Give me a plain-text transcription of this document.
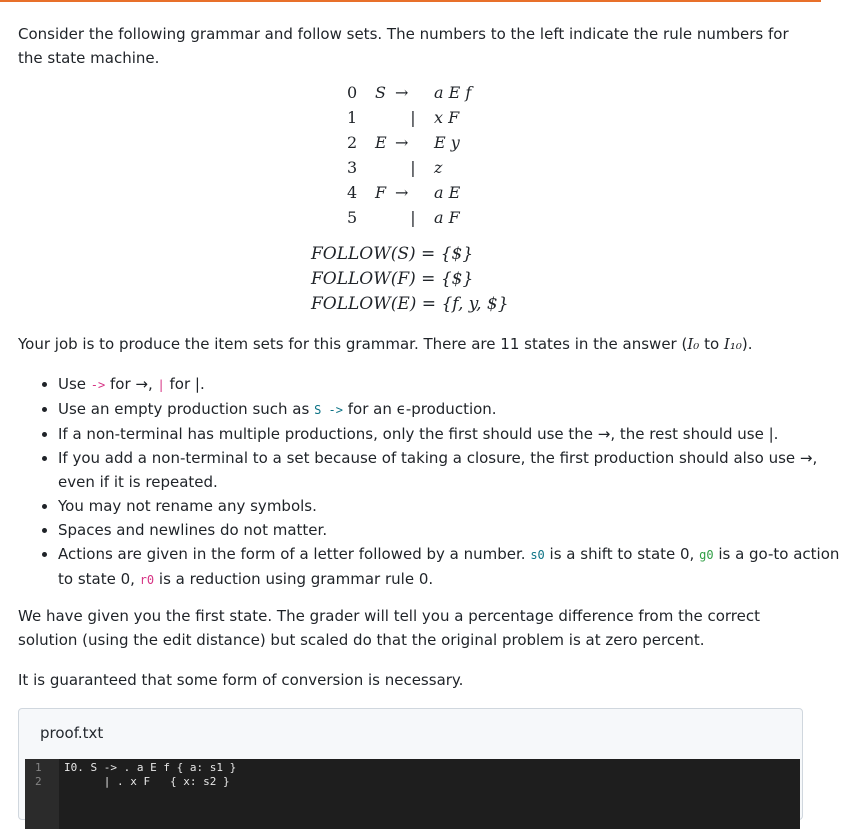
Consider the following grammar and follow sets. The numbers to the left indicate the rule numbers for the state machine.

0 S → a E f
1	| x F
2 E → E y
3	| z
4 F → a E
5	| a F
FOLLOW(S) = {$}
FOLLOW(F) = {$}
FOLLOW(E) = {f, y, $}

Your job is to produce the item sets for this grammar. There are 11 states in the answer (I₀ to I₁₀).

• Use -> for →, | for |.
• Use an empty production such as S -> for an ϵ-production.
• If a non-terminal has multiple productions, only the first should use the →, the rest should use |.
• If you add a non-terminal to a set because of taking a closure, the first production should also use →, even if it is repeated.
• You may not rename any symbols.
• Spaces and newlines do not matter.
• Actions are given in the form of a letter followed by a number. s0 is a shift to state 0, g0 is a go-to action to state 0, r0 is a reduction using grammar rule 0.

We have given you the first state. The grader will tell you a percentage difference from the correct solution (using the edit distance) but scaled do that the original problem is at zero percent.

It is guaranteed that some form of conversion is necessary.

proof.txt
1 I0. S -> . a E f { a: s1 }
2 | . x F   { x: s2 }
